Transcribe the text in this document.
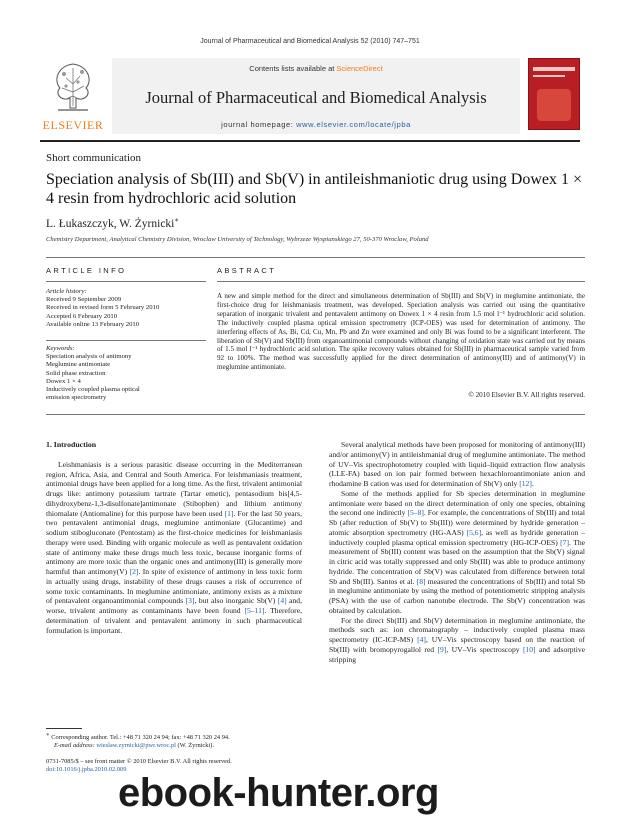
Journal of Pharmaceutical and Biomedical Analysis 52 (2010) 747–751
ELSEVIER
Contents lists available at ScienceDirect
Journal of Pharmaceutical and Biomedical Analysis
journal homepage: www.elsevier.com/locate/jpba
Short communication
Speciation analysis of Sb(III) and Sb(V) in antileishmaniotic drug using Dowex 1 × 4 resin from hydrochloric acid solution
L. Łukaszczyk, W. Żyrnicki∗
Chemistry Department, Analytical Chemistry Division, Wroclaw University of Technology, Wybrzeze Wyspianskiego 27, 50-370 Wroclaw, Poland
ARTICLE INFO	ABSTRACT
Article history:
Received 9 September 2009
Received in revised form 5 February 2010
Accepted 6 February 2010
Available online 13 February 2010
Keywords:
Speciation analysis of antimony
Meglumine antimoniate
Solid phase extraction
Dowex 1 × 4
Inductively coupled plasma optical
emission spectrometry
A new and simple method for the direct and simultaneous determination of Sb(III) and Sb(V) in meglumine antimoniate, the first-choice drug for leishmaniasis treatment, was developed. Speciation analysis was carried out using the quantitative separation of inorganic trivalent and pentavalent antimony on Dowex 1 × 4 resin from 1.5 mol l⁻¹ hydrochloric acid solution. The inductively coupled plasma optical emission spectrometry (ICP-OES) was used for determination of antimony. The interfering effects of As, Bi, Cd, Cu, Mn, Pb and Zn were examined and only Bi was found to be a significant interferent. The liberation of Sb(V) and Sb(III) from organoantimonial compounds without changing of oxidation state was carried out by means of 1.5 mol l⁻¹ hydrochloric acid solution. The spike recovery values obtained for Sb(III) in pharmaceutical sample varied from 92 to 100%. The method was successfully applied for the direct determination of antimony(III) and of antimony(V) in meglumine antimoniate.
© 2010 Elsevier B.V. All rights reserved.
1. Introduction

Leishmaniasis is a serious parasitic disease occurring in the Mediterranean region, Africa, Asia, and Central and South America. For leishmaniasis treatment, antimonial drugs have been applied for a long time. As the first, trivalent antimonial drugs like: antimony potassium tartrate (Tartar emetic), pentasodium bis[4,5-dihydroxybenz-1,3-disulfonate]antimonate (Stibophen) and lithium antimony thiomalate (Antiomaline) for this purpose have been used [1]. For the last 50 years, two pentavalent antimonial drugs, meglumine antimoniate (Glucantime) and sodium stibogluconate (Pentostam) as the first-choice medicines for leishmaniasis therapy were used. Binding with organic molecule as well as pentavalent oxidation state of antimony make these drugs much less toxic, because inorganic forms of antimony are more toxic than the organic ones and antimony(III) is generally more harmful than antimony(V) [2]. In spite of existence of antimony in less toxic form in actually using drugs, instability of these drugs causes a risk of occurrence of some toxic contaminants. In meglumine antimoniate, antimony exists as a mixture of pentavalent organoantimonial compounds [3], but also inorganic Sb(V) [4] and, worse, trivalent antimony as contaminants have been found [5–11]. Therefore, determination of trivalent and pentavalent antimony in such pharmaceutical formulation is important.

Several analytical methods have been proposed for monitoring of antimony(III) and/or antimony(V) in antileishmanial drug of meglumine antimoniate. The method of UV–Vis spectrophotometry coupled with liquid–liquid extraction flow analysis (LLE-FA) based on ion pair formed between hexachloroantimoniate anion and rhodamine B cation was used for determination of Sb(V) only [12].

Some of the methods applied for Sb species determination in meglumine antimoniate were based on the direct determination of only one species, obtaining the second one indirectly [5–8]. For example, the concentrations of Sb(III) and total Sb (after reduction of Sb(V) to Sb(III)) were determined by hydride generation – atomic absorption spectrometry (HG-AAS) [5,6], as well as hydride generation – inductively coupled plasma optical emission spectrometry (HG-ICP-OES) [7]. The measurement of Sb(III) content was based on the assumption that the Sb(V) signal in citric acid was totally suppressed and only Sb(III) was able to produce antimony hydride. The concentration of Sb(V) was calculated from difference between total Sb and Sb(III). Santos et al. [8] measured the concentrations of Sb(III) and total Sb in meglumine antimoniate by using the method of potentiometric stripping analysis (PSA) with the use of carbon nanotube electrode. The Sb(V) concentration was obtained by calculation.

For the direct Sb(III) and Sb(V) determination in meglumine antimoniate, the methods such as: ion chromatography – inductively coupled plasma mass spectrometry (IC-ICP-MS) [4], UV–Vis spectroscopy based on the reaction of Sb(III) with bromopyrogallol red [9], UV–Vis spectroscopy [10] and adsorptive stripping

∗ Corresponding author. Tel.: +48 71 320 24 94; fax: +48 71 320 24 94.
E-mail address: wieslaw.zyrnicki@pwr.wroc.pl (W. Żyrnicki).
0731-7085/$ – see front matter © 2010 Elsevier B.V. All rights reserved.
doi:10.1016/j.jpba.2010.02.009
ebook-hunter.org
